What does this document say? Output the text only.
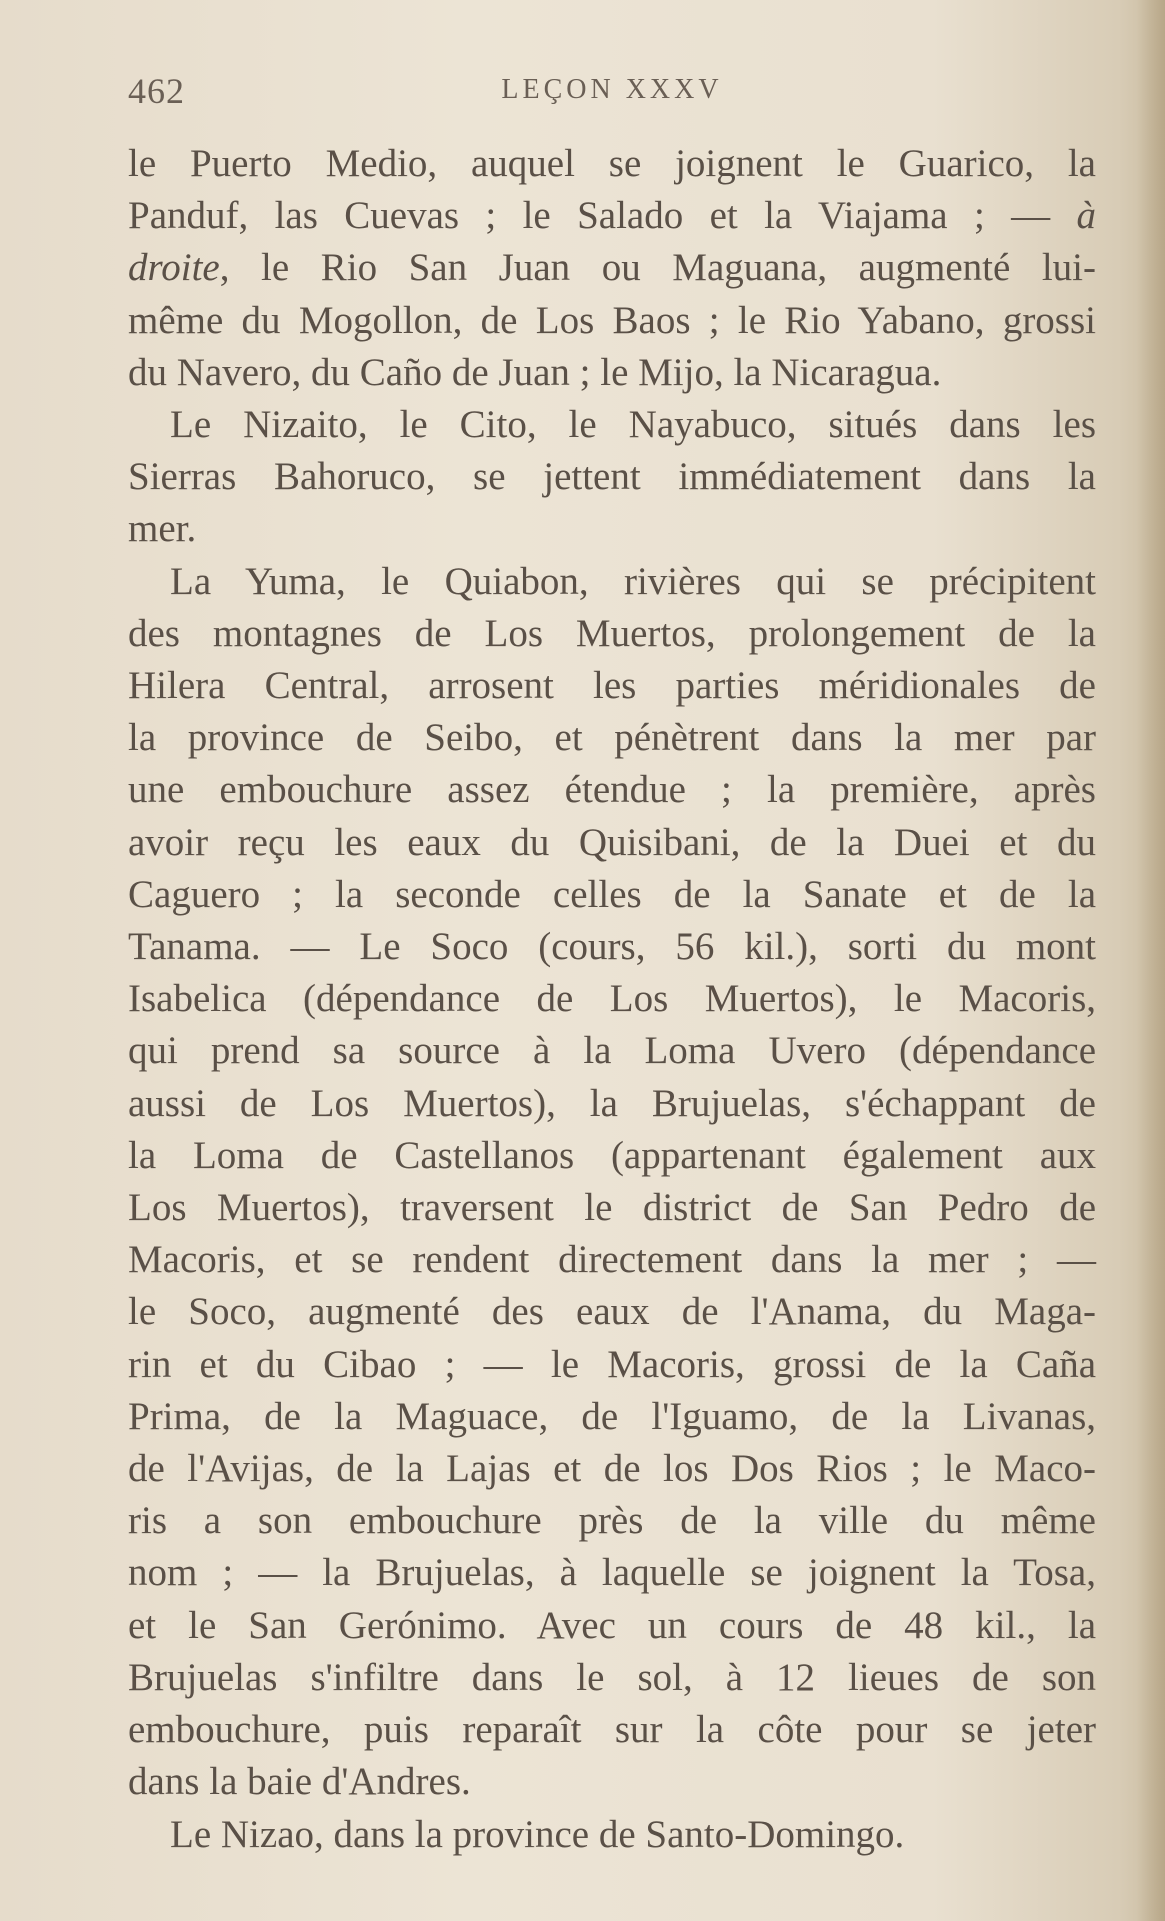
462	LEÇON XXXV
le Puerto Medio, auquel se joignent le Guarico, la
Panduf, las Cuevas ; le Salado et la Viajama ; — à
droite, le Rio San Juan ou Maguana, augmenté lui-
même du Mogollon, de Los Baos ; le Rio Yabano, grossi
du Navero, du Caño de Juan ; le Mijo, la Nicaragua.
Le Nizaito, le Cito, le Nayabuco, situés dans les
Sierras Bahoruco, se jettent immédiatement dans la
mer.
La Yuma, le Quiabon, rivières qui se précipitent
des montagnes de Los Muertos, prolongement de la
Hilera Central, arrosent les parties méridionales de
la province de Seibo, et pénètrent dans la mer par
une embouchure assez étendue ; la première, après
avoir reçu les eaux du Quisibani, de la Duei et du
Caguero ; la seconde celles de la Sanate et de la
Tanama. — Le Soco (cours, 56 kil.), sorti du mont
Isabelica (dépendance de Los Muertos), le Macoris,
qui prend sa source à la Loma Uvero (dépendance
aussi de Los Muertos), la Brujuelas, s'échappant de
la Loma de Castellanos (appartenant également aux
Los Muertos), traversent le district de San Pedro de
Macoris, et se rendent directement dans la mer ; —
le Soco, augmenté des eaux de l'Anama, du Maga-
rin et du Cibao ; — le Macoris, grossi de la Caña
Prima, de la Maguace, de l'Iguamo, de la Livanas,
de l'Avijas, de la Lajas et de los Dos Rios ; le Maco-
ris a son embouchure près de la ville du même
nom ; — la Brujuelas, à laquelle se joignent la Tosa,
et le San Gerónimo. Avec un cours de 48 kil., la
Brujuelas s'infiltre dans le sol, à 12 lieues de son
embouchure, puis reparaît sur la côte pour se jeter
dans la baie d'Andres.
Le Nizao, dans la province de Santo-Domingo.
